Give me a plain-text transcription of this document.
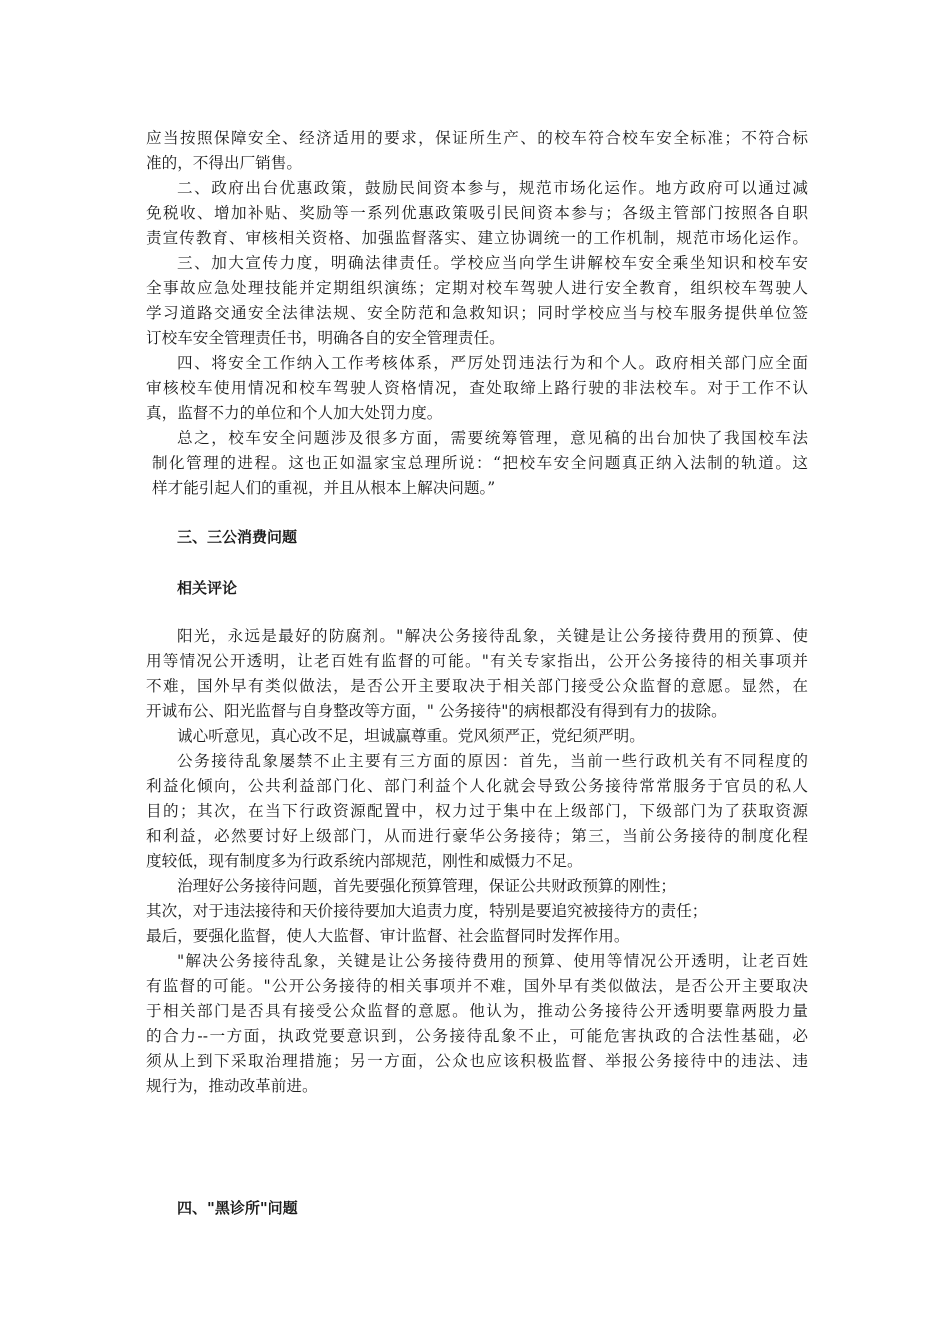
应当按照保障安全、经济适用的要求，保证所生产、的校车符合校车安全标准；不符合标
准的，不得出厂销售。
二、政府出台优惠政策，鼓励民间资本参与，规范市场化运作。地方政府可以通过减
免税收、增加补贴、奖励等一系列优惠政策吸引民间资本参与；各级主管部门按照各自职
责宣传教育、审核相关资格、加强监督落实、建立协调统一的工作机制，规范市场化运作。
三、加大宣传力度，明确法律责任。学校应当向学生讲解校车安全乘坐知识和校车安
全事故应急处理技能并定期组织演练；定期对校车驾驶人进行安全教育，组织校车驾驶人
学习道路交通安全法律法规、安全防范和急救知识；同时学校应当与校车服务提供单位签
订校车安全管理责任书，明确各自的安全管理责任。
四、将安全工作纳入工作考核体系，严厉处罚违法行为和个人。政府相关部门应全面
审核校车使用情况和校车驾驶人资格情况，查处取缔上路行驶的非法校车。对于工作不认
真，监督不力的单位和个人加大处罚力度。
总之，校车安全问题涉及很多方面，需要统筹管理，意见稿的出台加快了我国校车法
制化管理的进程。这也正如温家宝总理所说：“把校车安全问题真正纳入法制的轨道。这
样才能引起人们的重视，并且从根本上解决问题。”
三、三公消费问题
相关评论
阳光，永远是最好的防腐剂。"解决公务接待乱象，关键是让公务接待费用的预算、使
用等情况公开透明，让老百姓有监督的可能。"有关专家指出，公开公务接待的相关事项并
不难，国外早有类似做法，是否公开主要取决于相关部门接受公众监督的意愿。显然，在
开诚布公、阳光监督与自身整改等方面，" 公务接待"的病根都没有得到有力的拔除。
诚心听意见，真心改不足，坦诚赢尊重。党风须严正，党纪须严明。
公务接待乱象屡禁不止主要有三方面的原因：首先，当前一些行政机关有不同程度的
利益化倾向，公共利益部门化、部门利益个人化就会导致公务接待常常服务于官员的私人
目的；其次，在当下行政资源配置中，权力过于集中在上级部门，下级部门为了获取资源
和利益，必然要讨好上级部门，从而进行豪华公务接待；第三，当前公务接待的制度化程
度较低，现有制度多为行政系统内部规范，刚性和威慑力不足。
治理好公务接待问题，首先要强化预算管理，保证公共财政预算的刚性；
其次，对于违法接待和天价接待要加大追责力度，特别是要追究被接待方的责任；
最后，要强化监督，使人大监督、审计监督、社会监督同时发挥作用。
"解决公务接待乱象，关键是让公务接待费用的预算、使用等情况公开透明，让老百姓
有监督的可能。"公开公务接待的相关事项并不难，国外早有类似做法，是否公开主要取决
于相关部门是否具有接受公众监督的意愿。他认为，推动公务接待公开透明要靠两股力量
的合力--一方面，执政党要意识到，公务接待乱象不止，可能危害执政的合法性基础，必
须从上到下采取治理措施；另一方面，公众也应该积极监督、举报公务接待中的违法、违
规行为，推动改革前进。
四、"黑诊所"问题
